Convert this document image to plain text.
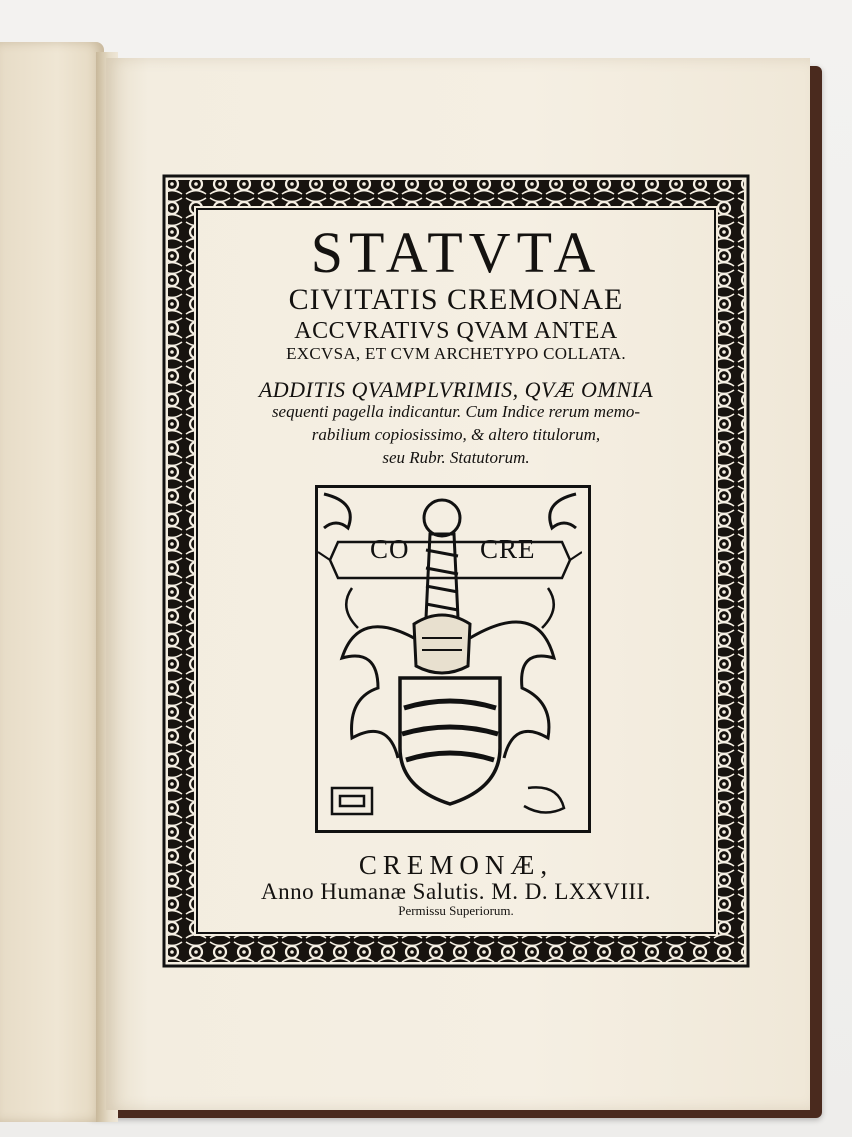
STATVTA
CIVITATIS CREMONAE
ACCVRATIVS QVAM ANTEA
EXCVSA, ET CVM ARCHETYPO COLLATA.
ADDITIS QVAMPLVRIMIS, QVÆ OMNIA
sequenti pagella indicantur. Cum Indice rerum memo-
rabilium copiosissimo, & altero titulorum,
seu Rubr. Statutorum.
CO	CRE
CREMONÆ,
Anno Humanæ Salutis. M. D. LXXVIII.
Permissu Superiorum.
